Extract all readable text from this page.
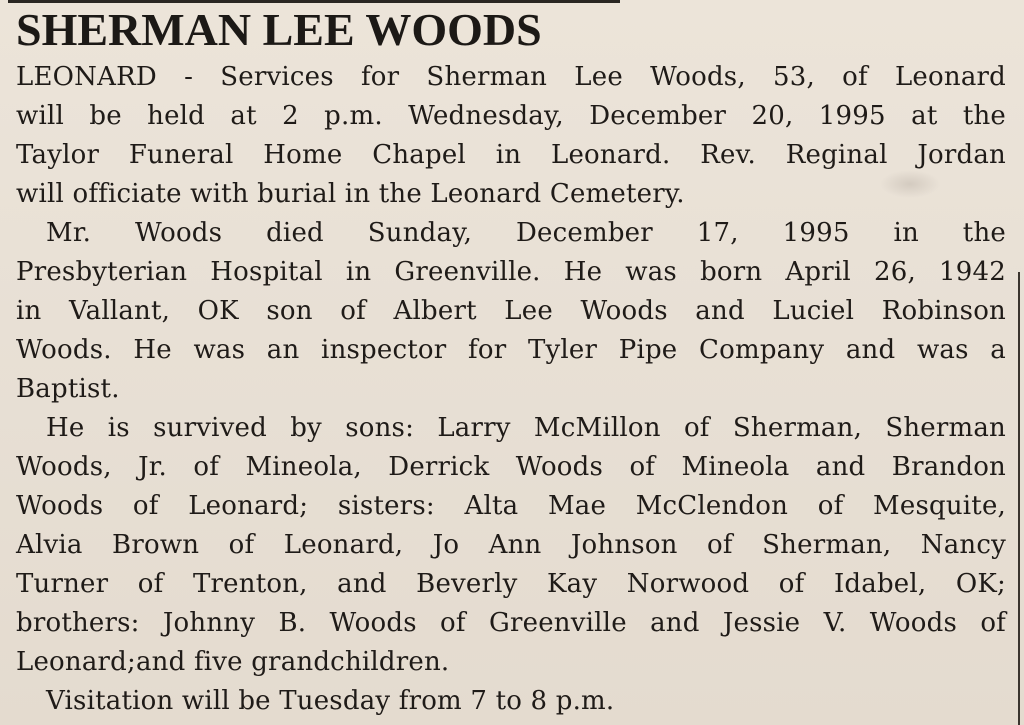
SHERMAN LEE WOODS
LEONARD - Services for Sherman Lee Woods, 53, of Leonard
will be held at 2 p.m. Wednesday, December 20, 1995 at the
Taylor Funeral Home Chapel in Leonard. Rev. Reginal Jordan
will officiate with burial in the Leonard Cemetery.
Mr. Woods died Sunday, December 17, 1995 in the
Presbyterian Hospital in Greenville. He was born April 26, 1942
in Vallant, OK son of Albert Lee Woods and Luciel Robinson
Woods. He was an inspector for Tyler Pipe Company and was a
Baptist.
He is survived by sons: Larry McMillon of Sherman, Sherman
Woods, Jr. of Mineola, Derrick Woods of Mineola and Brandon
Woods of Leonard; sisters: Alta Mae McClendon of Mesquite,
Alvia Brown of Leonard, Jo Ann Johnson of Sherman, Nancy
Turner of Trenton, and Beverly Kay Norwood of Idabel, OK;
brothers: Johnny B. Woods of Greenville and Jessie V. Woods of
Leonard;and five grandchildren.
Visitation will be Tuesday from 7 to 8 p.m.
